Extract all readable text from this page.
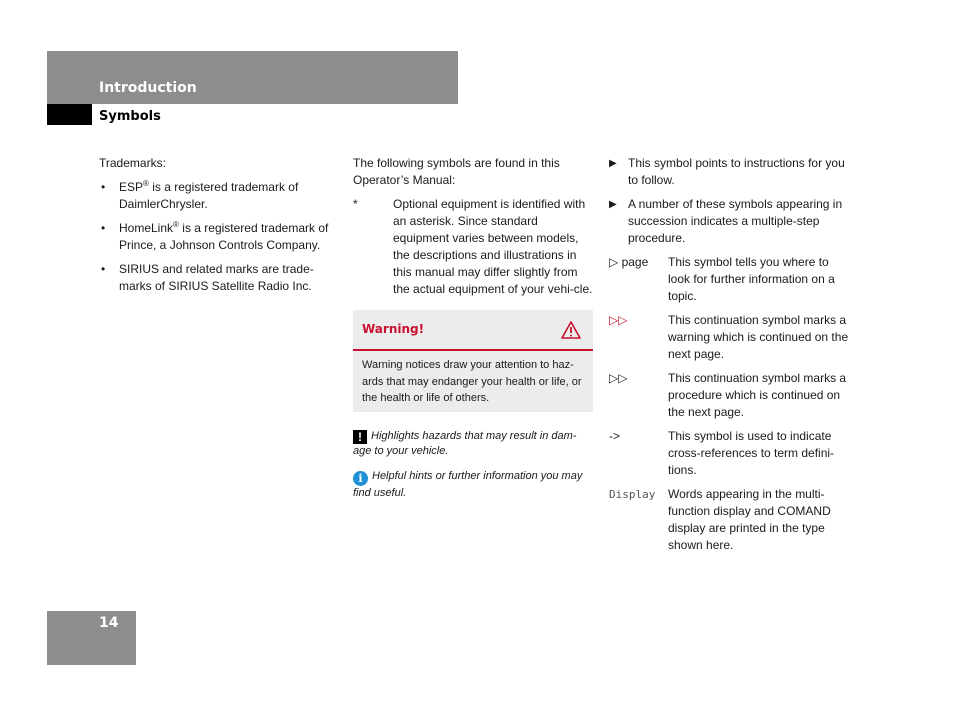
Introduction
Symbols

Trademarks:

• ESP® is a registered trademark of DaimlerChrysler.
• HomeLink® is a registered trademark of Prince, a Johnson Controls Company.
• SIRIUS and related marks are trade-marks of SIRIUS Satellite Radio Inc.

The following symbols are found in this Operator’s Manual:

*	Optional equipment is identified with an asterisk. Since standard equipment varies between models, the descriptions and illustrations in this manual may differ slightly from the actual equipment of your vehi-cle.
Warning!
Warning notices draw your attention to haz-ards that may endanger your health or life, or the health or life of others.

! Highlights hazards that may result in dam-age to your vehicle.

i Helpful hints or further information you may find useful.

▶ This symbol points to instructions for you to follow.
▶ A number of these symbols appearing in succession indicates a multiple-step procedure.
▷ page	This symbol tells you where to look for further information on a topic.
▷▷	This continuation symbol marks a warning which is continued on the next page.
▷▷	This continuation symbol marks a procedure which is continued on the next page.
->	This symbol is used to indicate cross-references to term defini-tions.
Display	Words appearing in the multi-function display and COMAND display are printed in the type shown here.
14
